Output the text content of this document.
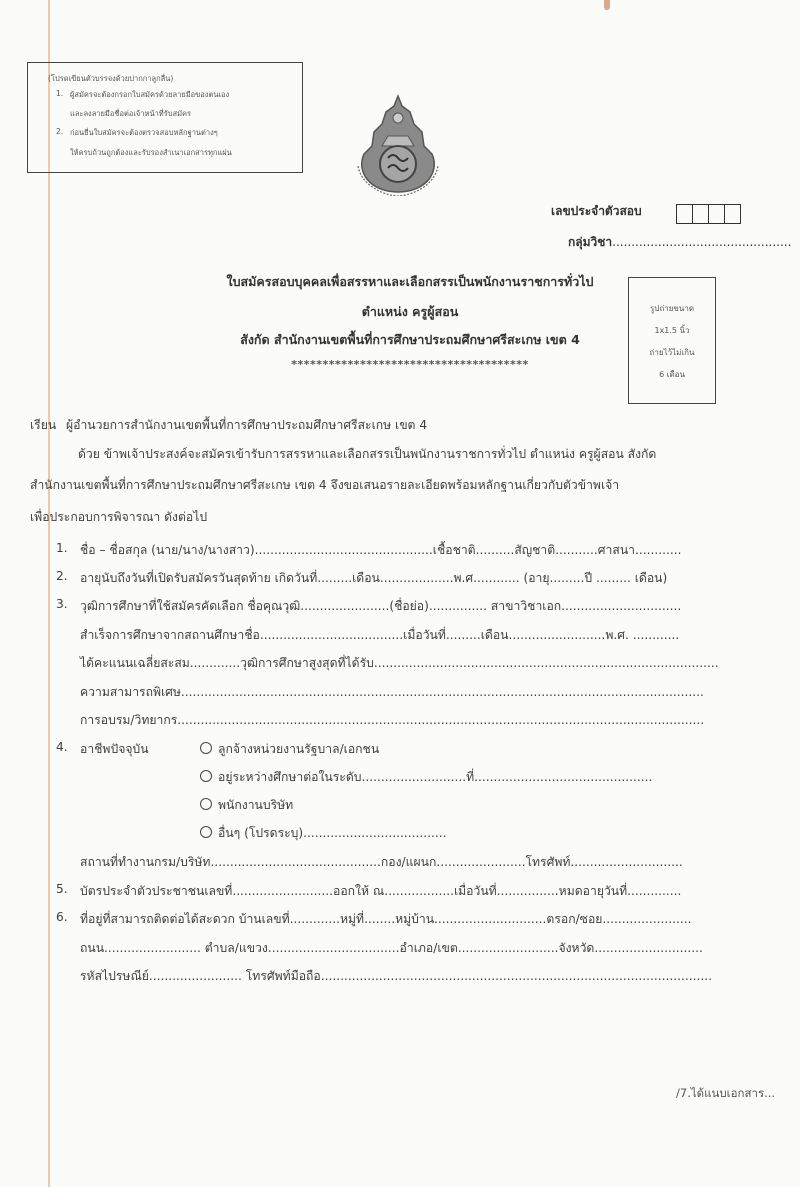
(โปรดเขียนตัวบรรจงด้วยปากกาลูกลื่น)
1. ผู้สมัครจะต้องกรอกใบสมัครด้วยลายมือของตนเอง
และลงลายมือชื่อต่อเจ้าหน้าที่รับสมัคร
2. ก่อนยื่นใบสมัครจะต้องตรวจสอบหลักฐานต่างๆ
ให้ครบถ้วนถูกต้องและรับรองสำเนาเอกสารทุกแผ่น
เลขประจำตัวสอบ
กลุ่มวิชา...............................................
รูปถ่ายขนาด
1x1.5 นิ้ว
ถ่ายไว้ไม่เกิน
6 เดือน
ใบสมัครสอบบุคคลเพื่อสรรหาและเลือกสรรเป็นพนักงานราชการทั่วไป
ตำแหน่ง ครูผู้สอน
สังกัด สำนักงานเขตพื้นที่การศึกษาประถมศึกษาศรีสะเกษ เขต 4
**************************************
เรียน ผู้อำนวยการสำนักงานเขตพื้นที่การศึกษาประถมศึกษาศรีสะเกษ เขต 4
ด้วย ข้าพเจ้าประสงค์จะสมัครเข้ารับการสรรหาและเลือกสรรเป็นพนักงานราชการทั่วไป ตำแหน่ง ครูผู้สอน สังกัด
สำนักงานเขตพื้นที่การศึกษาประถมศึกษาศรีสะเกษ เขต 4 จึงขอเสนอรายละเอียดพร้อมหลักฐานเกี่ยวกับตัวข้าพเจ้า
เพื่อประกอบการพิจารณา ดังต่อไป
1. ชื่อ – ชื่อสกุล (นาย/นาง/นางสาว)..............................................เชื้อชาติ..........สัญชาติ...........ศาสนา............
2. อายุนับถึงวันที่เปิดรับสมัครวันสุดท้าย เกิดวันที่.........เดือน...................พ.ศ............ (อายุ.........ปี ......... เดือน)
3. วุฒิการศึกษาที่ใช้สมัครคัดเลือก ชื่อคุณวุฒิ.......................(ชื่อย่อ)............... สาขาวิชาเอก...............................
สำเร็จการศึกษาจากสถานศึกษาชื่อ.....................................เมื่อวันที่.........เดือน.........................พ.ศ. ............
ได้คะแนนเฉลี่ยสะสม.............วุฒิการศึกษาสูงสุดที่ได้รับ.........................................................................................
ความสามารถพิเศษ.......................................................................................................................................
การอบรม/วิทยากร........................................................................................................................................
4. อาชีพปัจจุบัน	ลูกจ้างหน่วยงานรัฐบาล/เอกชน
อยู่ระหว่างศึกษาต่อในระดับ...........................ที่..............................................
พนักงานบริษัท
อื่นๆ (โปรดระบุ).....................................
สถานที่ทำงานกรม/บริษัท............................................กอง/แผนก.......................โทรศัพท์.............................
5. บัตรประจำตัวประชาชนเลขที่..........................ออกให้ ณ..................เมื่อวันที่................หมดอายุวันที่..............
6. ที่อยู่ที่สามารถติดต่อได้สะดวก บ้านเลขที่.............หมู่ที่........หมู่บ้าน.............................ตรอก/ซอย.......................
ถนน......................... ตำบล/แขวง..................................อำเภอ/เขต..........................จังหวัด............................
รหัสไปรษณีย์........................ โทรศัพท์มือถือ.....................................................................................................
/7.ได้แนบเอกสาร...
